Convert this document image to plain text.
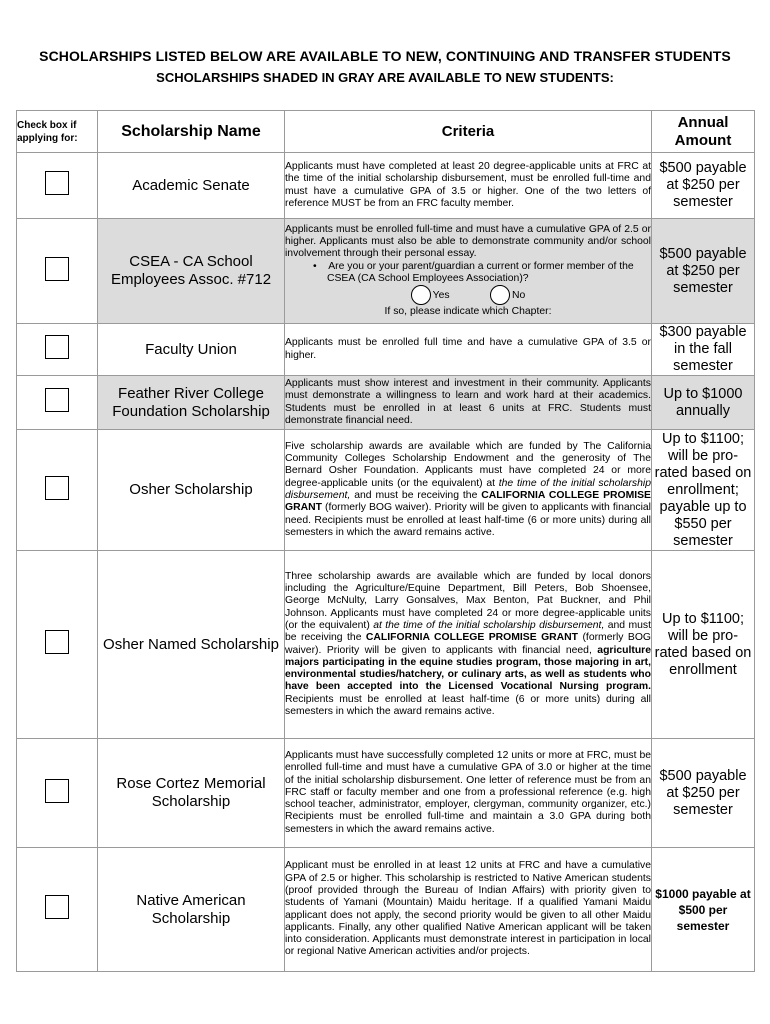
SCHOLARSHIPS LISTED BELOW ARE AVAILABLE TO NEW, CONTINUING AND TRANSFER STUDENTS
SCHOLARSHIPS SHADED IN GRAY ARE AVAILABLE TO NEW STUDENTS:
Check box if applying for:	Scholarship Name	Criteria	Annual Amount
	Academic Senate	Applicants must have completed at least 20 degree-applicable units at FRC at the time of the initial scholarship disbursement, must be enrolled full-time and must have a cumulative GPA of 3.5 or higher. One of the two letters of reference MUST be from an FRC faculty member.	$500 payable at $250 per semester
	CSEA - CA School Employees Assoc. #712	Applicants must be enrolled full-time and must have a cumulative GPA of 2.5 or higher. Applicants must also be able to demonstrate community and/or school involvement through their personal essay.
•    Are you or your parent/guardian a current or former member of the CSEA (CA School Employees Association)?
Yes No
If so, please indicate which Chapter:	$500 payable at $250 per semester
	Faculty Union	Applicants must be enrolled full time and have a cumulative GPA of 3.5 or higher.	$300 payable in the fall semester
	Feather River College Foundation Scholarship	Applicants must show interest and investment in their community. Applicants must demonstrate a willingness to learn and work hard at their academics. Students must be enrolled in at least 6 units at FRC. Students must demonstrate financial need.	Up to $1000 annually
	Osher Scholarship	Five scholarship awards are available which are funded by The California Community Colleges Scholarship Endowment and the generosity of The Bernard Osher Foundation. Applicants must have completed 24 or more degree-applicable units (or the equivalent) at the time of the initial scholarship disbursement, and must be receiving the CALIFORNIA COLLEGE PROMISE GRANT (formerly BOG waiver). Priority will be given to applicants with financial need. Recipients must be enrolled at least half-time (6 or more units) during all semesters in which the award remains active.	Up to $1100; will be pro-rated based on enrollment; payable up to $550 per semester
	Osher Named Scholarship	Three scholarship awards are available which are funded by local donors including the Agriculture/Equine Department, Bill Peters, Bob Shoensee, George McNulty, Larry Gonsalves, Max Benton, Pat Buckner, and Phil Johnson. Applicants must have completed 24 or more degree-applicable units (or the equivalent) at the time of the initial scholarship disbursement, and must be receiving the CALIFORNIA COLLEGE PROMISE GRANT (formerly BOG waiver). Priority will be given to applicants with financial need, agriculture majors participating in the equine studies program, those majoring in art, environmental studies/hatchery, or culinary arts, as well as students who have been accepted into the Licensed Vocational Nursing program. Recipients must be enrolled at least half-time (6 or more units) during all semesters in which the award remains active.	Up to $1100; will be pro-rated based on enrollment
	Rose Cortez Memorial Scholarship	Applicants must have successfully completed 12 units or more at FRC, must be enrolled full-time and must have a cumulative GPA of 3.0 or higher at the time of the initial scholarship disbursement. One letter of reference must be from an FRC staff or faculty member and one from a professional reference (e.g. high school teacher, administrator, employer, clergyman, community organizer, etc.) Recipients must be enrolled full-time and maintain a 3.0 GPA during both semesters in which the award remains active.	$500 payable at $250 per semester
	Native American Scholarship	Applicant must be enrolled in at least 12 units at FRC and have a cumulative GPA of 2.5 or higher. This scholarship is restricted to Native American students (proof provided through the Bureau of Indian Affairs) with priority given to students of Yamani (Mountain) Maidu heritage. If a qualified Yamani Maidu applicant does not apply, the second priority would be given to all other Maidu applicants. Finally, any other qualified Native American applicant will be taken into consideration. Applicants must demonstrate interest in participation in local or regional Native American activities and/or projects.	$1000 payable at $500 per semester
